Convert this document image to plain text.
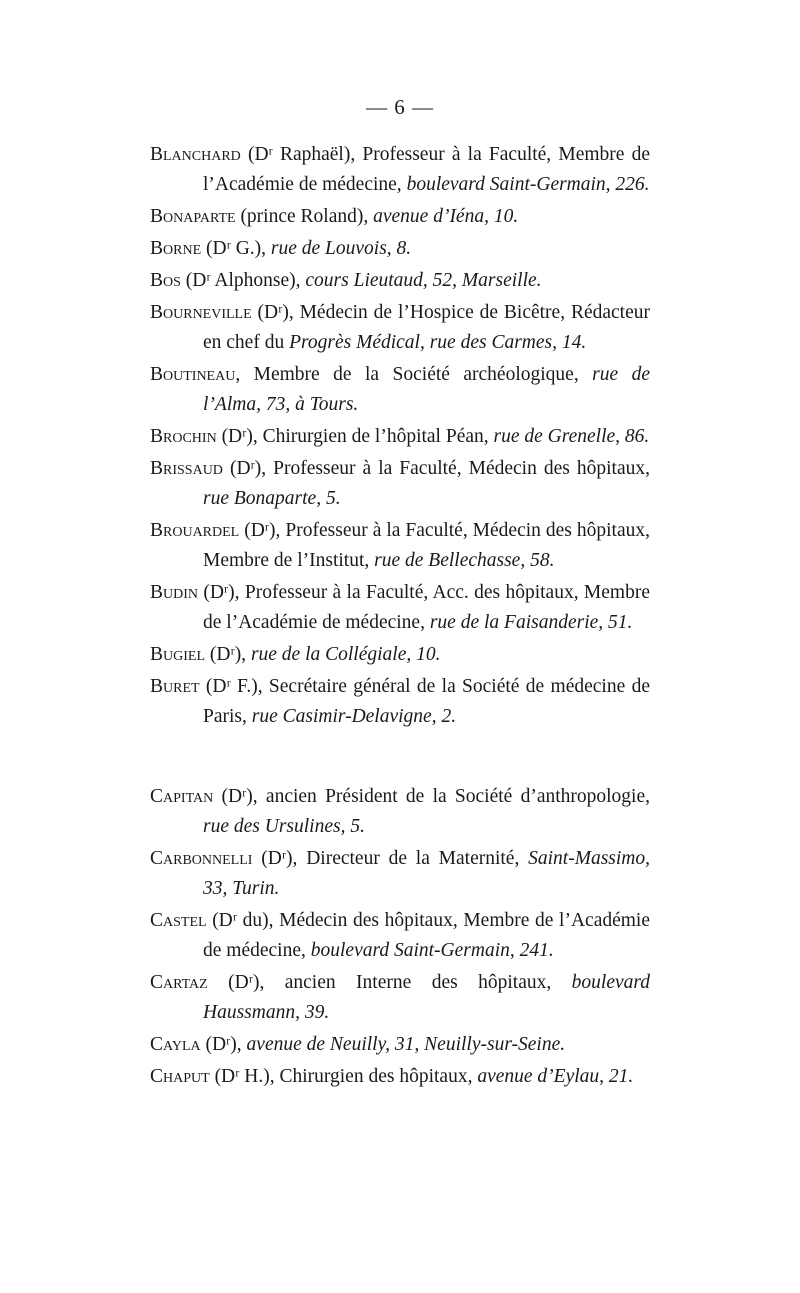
— 6 —

Blanchard (Dʳ Raphaël), Professeur à la Faculté, Membre de l’Académie de médecine, boulevard Saint-Germain, 226.

Bonaparte (prince Roland), avenue d’Iéna, 10.

Borne (Dʳ G.), rue de Louvois, 8.

Bos (Dʳ Alphonse), cours Lieutaud, 52, Marseille.

Bourneville (Dʳ), Médecin de l’Hospice de Bicêtre, Rédacteur en chef du Progrès Médical, rue des Carmes, 14.

Boutineau, Membre de la Société archéologique, rue de l’Alma, 73, à Tours.

Brochin (Dʳ), Chirurgien de l’hôpital Péan, rue de Grenelle, 86.

Brissaud (Dʳ), Professeur à la Faculté, Médecin des hôpitaux, rue Bonaparte, 5.

Brouardel (Dʳ), Professeur à la Faculté, Médecin des hôpitaux, Membre de l’Institut, rue de Bellechasse, 58.

Budin (Dʳ), Professeur à la Faculté, Acc. des hôpitaux, Membre de l’Académie de médecine, rue de la Faisanderie, 51.

Bugiel (Dʳ), rue de la Collégiale, 10.

Buret (Dʳ F.), Secrétaire général de la Société de médecine de Paris, rue Casimir-Delavigne, 2.

Capitan (Dʳ), ancien Président de la Société d’anthropologie, rue des Ursulines, 5.

Carbonnelli (Dʳ), Directeur de la Maternité, Saint-Massimo, 33, Turin.

Castel (Dʳ du), Médecin des hôpitaux, Membre de l’Académie de médecine, boulevard Saint-Germain, 241.

Cartaz (Dʳ), ancien Interne des hôpitaux, boulevard Haussmann, 39.

Cayla (Dʳ), avenue de Neuilly, 31, Neuilly-sur-Seine.

Chaput (Dʳ H.), Chirurgien des hôpitaux, avenue d’Eylau, 21.
